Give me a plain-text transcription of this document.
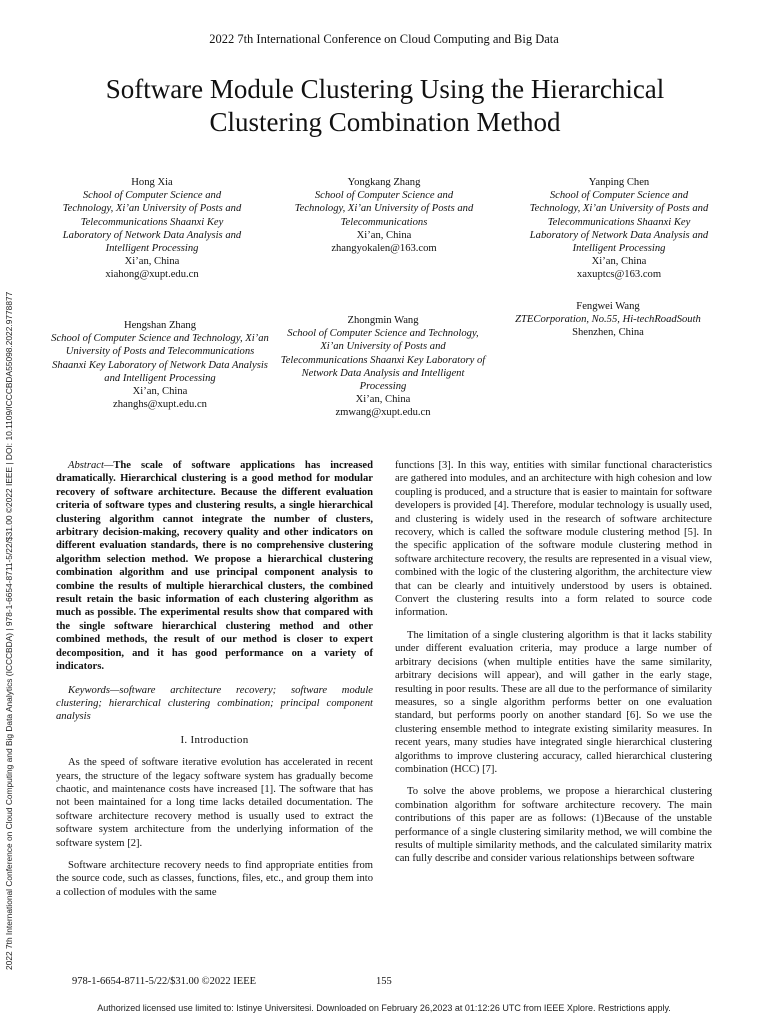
2022 7th International Conference on Cloud Computing and Big Data
Software Module Clustering Using the Hierarchical Clustering Combination Method
2022 7th International Conference on Cloud Computing and Big Data Analytics (ICCCBDA) | 978-1-6654-8711-5/22/$31.00 ©2022 IEEE | DOI: 10.1109/ICCCBDA55098.2022.9778877
Hong Xia
School of Computer Science and Technology, Xi’an University of Posts and Telecommunications Shaanxi Key Laboratory of Network Data Analysis and Intelligent Processing
Xi’an, China
xiahong@xupt.edu.cn
Yongkang Zhang
School of Computer Science and Technology, Xi’an University of Posts and Telecommunications
Xi’an, China
zhangyokalen@163.com
Yanping Chen
School of Computer Science and Technology, Xi’an University of Posts and Telecommunications Shaanxi Key Laboratory of Network Data Analysis and Intelligent Processing
Xi’an, China
xaxuptcs@163.com
Hengshan Zhang
School of Computer Science and Technology, Xi’an University of Posts and Telecommunications Shaanxi Key Laboratory of Network Data Analysis and Intelligent Processing
Xi’an, China
zhanghs@xupt.edu.cn
Zhongmin Wang
School of Computer Science and Technology, Xi’an University of Posts and Telecommunications Shaanxi Key Laboratory of Network Data Analysis and Intelligent Processing
Xi’an, China
zmwang@xupt.edu.cn
Fengwei Wang
ZTECorporation, No.55, Hi-techRoadSouth
Shenzhen, China

Abstract—The scale of software applications has increased dramatically. Hierarchical clustering is a good method for modular recovery of software architecture. Because the different evaluation criteria of software types and clustering results, a single hierarchical clustering algorithm cannot integrate the number of clusters, arbitrary decision-making, recovery quality and other indicators on different evaluation standards, there is no comprehensive clustering algorithm selection method. We propose a hierarchical clustering combination algorithm and use principal component analysis to combine the results of multiple hierarchical clusters, the combined result retain the basic information of each clustering algorithm as much as possible. The experimental results show that compared with the single software hierarchical clustering method and other combined methods, the result of our method is closer to expert decomposition, and it has good performance on a variety of indicators.

Keywords—software architecture recovery; software module clustering; hierarchical clustering combination; principal component analysis

I. Introduction

As the speed of software iterative evolution has accelerated in recent years, the structure of the legacy software system has gradually become chaotic, and maintenance costs have increased [1]. The software that has not been maintained for a long time lacks detailed documentation. The software architecture recovery method is usually used to extract the software system architecture from the underlying information of the software system [2].

Software architecture recovery needs to find appropriate entities from the source code, such as classes, functions, files, etc., and group them into a collection of modules with the same

functions [3]. In this way, entities with similar functional characteristics are gathered into modules, and an architecture with high cohesion and low coupling is produced, and a structure that is easier to maintain for software developers is provided [4]. Therefore, modular technology is usually used, and clustering is widely used in the research of software architecture recovery, which is called the software module clustering method [5]. In the specific application of the software module clustering method in software architecture recovery, the results are represented in a visual view, combined with the logic of the clustering algorithm, the architecture view that can be clearly and intuitively understood by users is obtained. Convert the clustering results into a form related to source code information.

The limitation of a single clustering algorithm is that it lacks stability under different evaluation criteria, may produce a large number of arbitrary decisions (when multiple entities have the same similarity, arbitrary decisions will appear), and will gather in the early stage, resulting in poor results. These are all due to the performance of similarity measures, so a single algorithm performs better on one evaluation standard, but performs poorly on another standard [6]. So we use the clustering ensemble method to integrate existing similarity measures. In recent years, many studies have integrated single hierarchical clustering algorithms to improve clustering accuracy, called hierarchical clustering combination (HCC) [7].

To solve the above problems, we propose a hierarchical clustering combination algorithm for software architecture recovery. The main contributions of this paper are as follows: (1)Because of the unstable performance of a single clustering similarity method, we will combine the results of multiple similarity methods, and the calculated similarity matrix can fully describe and consider various relationships between software

978-1-6654-8711-5/22/$31.00 ©2022 IEEE	155
Authorized licensed use limited to: Istinye Universitesi. Downloaded on February 26,2023 at 01:12:26 UTC from IEEE Xplore. Restrictions apply.
